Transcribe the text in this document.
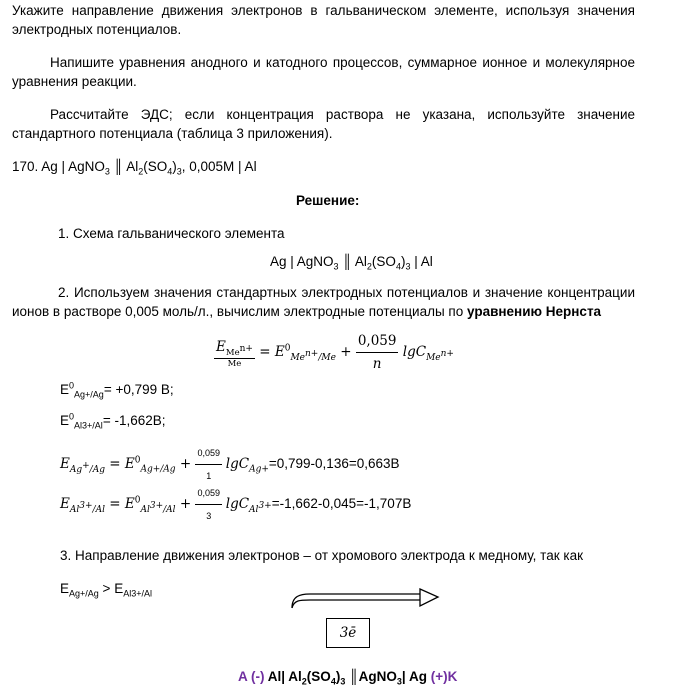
Укажите направление движения электронов в гальваническом элементе, используя значения
электродных потенциалов.
Напишите уравнения анодного и катодного процессов, суммарное ионное и молекулярное
уравнения реакции.
Рассчитайте ЭДС; если концентрация раствора не указана, используйте значение
стандартного потенциала (таблица 3 приложения).
170. Ag | AgNO$_3$ ║ $Al_2(SO_4)_3$, 0,005M | Al
Решение:
1. Схема гальванического элемента
Ag | AgNO$_3$ ║ $Al_2(SO_4)_3$ | Al
2. Используем значения стандартных электродных потенциалов и значение концентрации
ионов в растворе 0,005 моль/л., вычислим электродные потенциалы по уравнению Нернста
$\frac{E_{Me^{n+}}}{Me} = E^0_{Me^{n+}/Me} + \frac{0,059}{n} \lg C_{Me^{n+}}$
$E^0_{Ag+/Ag}= +0,799$ В;
$E^0_{Al3+/Al}= -1,662В$;
$E_{Ag^+/Ag} = E^0_{Ag+/Ag} + \frac{0,059}{1} \lg C_{Ag+}=0,799-0,136=0,663В$
$E_{Al^{3+}/Al} = E^0_{Al^{3+}/Al} + \frac{0,059}{3} \lg C_{Al^{3+}}=-1,662-0,045=-1,707В$
3. Направление движения электронов – от хромового электрода к медному, так как
$E_{Ag+/Ag} > E_{Al3+/Al}$
3ē
A (-) Al| $Al_2(SO_4)_3$ ║AgNO$_3$| Ag (+)K
